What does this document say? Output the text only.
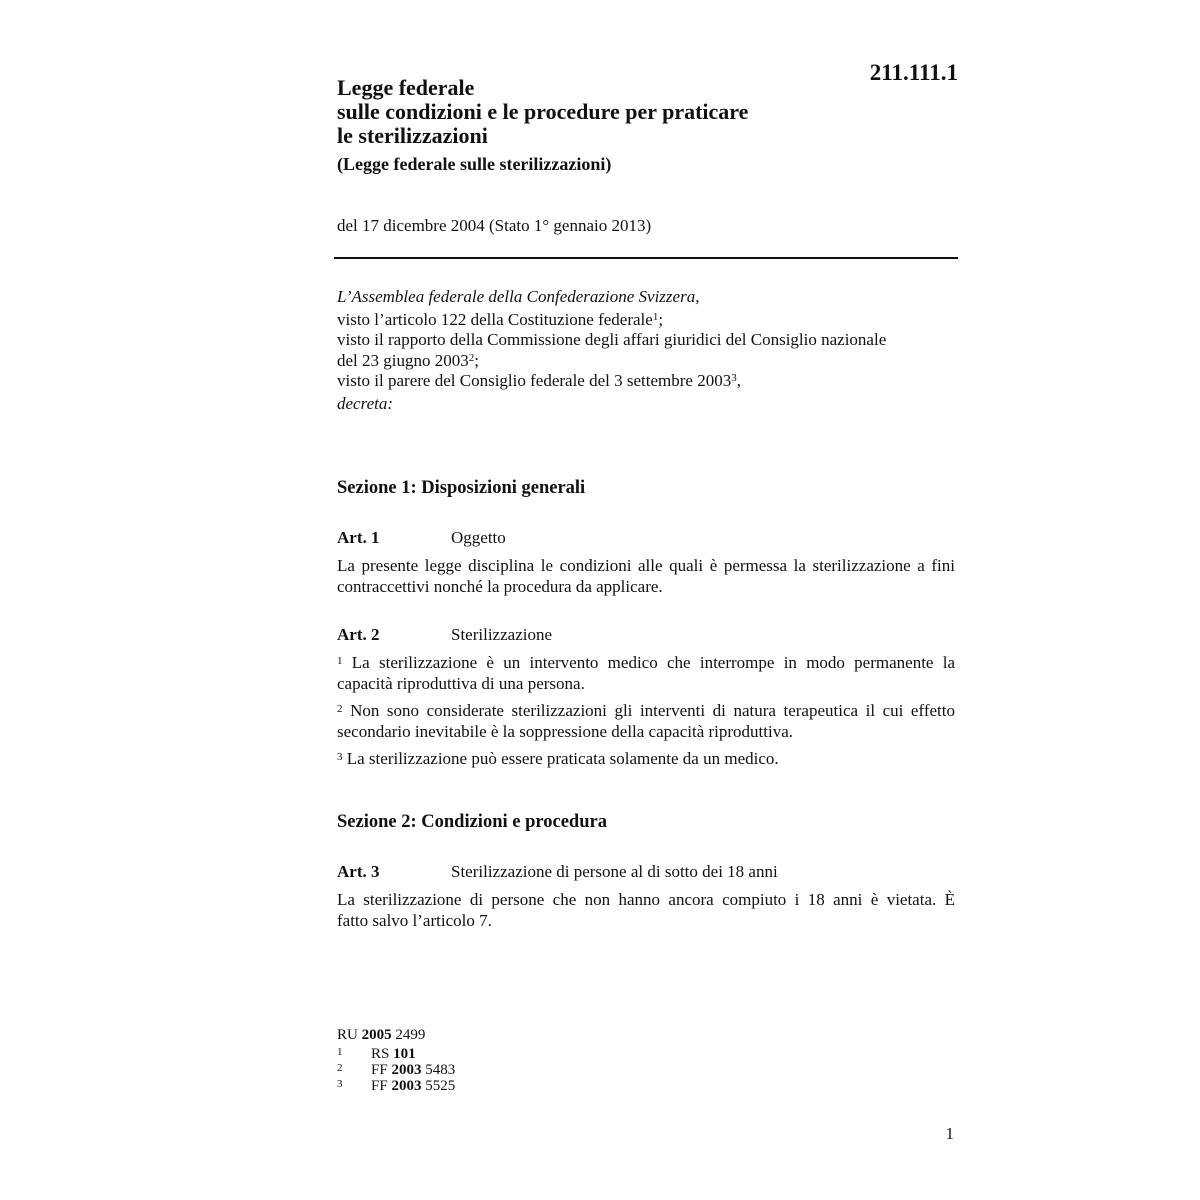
211.111.1
Legge federale
sulle condizioni e le procedure per praticare
le sterilizzazioni
(Legge federale sulle sterilizzazioni)
del 17 dicembre 2004 (Stato 1° gennaio 2013)
L’Assemblea federale della Confederazione Svizzera,
visto l’articolo 122 della Costituzione federale$^1$;
visto il rapporto della Commissione degli affari giuridici del Consiglio nazionale
del 23 giugno 2003$^2$;
visto il parere del Consiglio federale del 3 settembre 2003$^3$,
decreta:
Sezione 1: Disposizioni generali
Art. 1	Oggetto
La presente legge disciplina le condizioni alle quali è permessa la sterilizzazione a fini
contraccettivi nonché la procedura da applicare.
Art. 2	Sterilizzazione
$^1$ La sterilizzazione è un intervento medico che interrompe in modo permanente la
capacità riproduttiva di una persona.
$^2$ Non sono considerate sterilizzazioni gli interventi di natura terapeutica il cui effetto
secondario inevitabile è la soppressione della capacità riproduttiva.
$^3$ La sterilizzazione può essere praticata solamente da un medico.
Sezione 2: Condizioni e procedura
Art. 3	Sterilizzazione di persone al di sotto dei 18 anni
La sterilizzazione di persone che non hanno ancora compiuto i 18 anni è vietata. È
fatto salvo l’articolo 7.
RU 2005 2499
1 RS 101
2 FF 2003 5483
3 FF 2003 5525
1
